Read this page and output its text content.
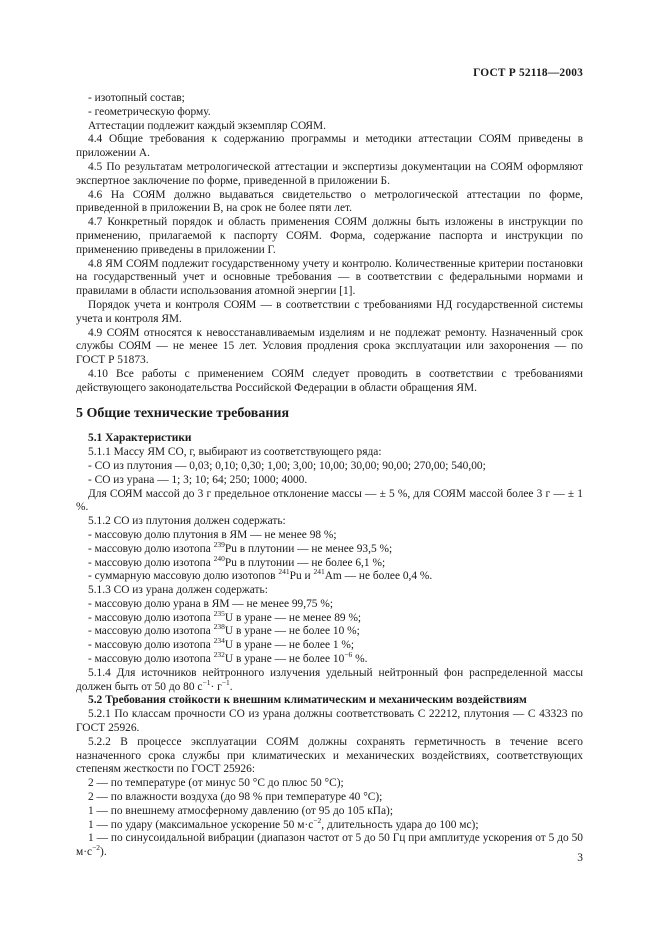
ГОСТ Р 52118—2003

- изотопный состав;

- геометрическую форму.

Аттестации подлежит каждый экземпляр СОЯМ.

4.4 Общие требования к содержанию программы и методики аттестации СОЯМ приведены в приложении А.

4.5 По результатам метрологической аттестации и экспертизы документации на СОЯМ оформляют экспертное заключение по форме, приведенной в приложении Б.

4.6 На СОЯМ должно выдаваться свидетельство о метрологической аттестации по форме, приведенной в приложении В, на срок не более пяти лет.

4.7 Конкретный порядок и область применения СОЯМ должны быть изложены в инструкции по применению, прилагаемой к паспорту СОЯМ. Форма, содержание паспорта и инструкции по применению приведены в приложении Г.

4.8 ЯМ СОЯМ подлежит государственному учету и контролю. Количественные критерии постановки на государственный учет и основные требования — в соответствии с федеральными нормами и правилами в области использования атомной энергии [1].

Порядок учета и контроля СОЯМ — в соответствии с требованиями НД государственной системы учета и контроля ЯМ.

4.9 СОЯМ относятся к невосстанавливаемым изделиям и не подлежат ремонту. Назначенный срок службы СОЯМ — не менее 15 лет. Условия продления срока эксплуатации или захоронения — по ГОСТ Р 51873.

4.10 Все работы с применением СОЯМ следует проводить в соответствии с требованиями действующего законодательства Российской Федерации в области обращения ЯМ.

5 Общие технические требования

5.1 Характеристики

5.1.1 Массу ЯМ СО, г, выбирают из соответствующего ряда:

- СО из плутония — 0,03; 0,10; 0,30; 1,00; 3,00; 10,00; 30,00; 90,00; 270,00; 540,00;

- СО из урана — 1; 3; 10; 64; 250; 1000; 4000.

Для СОЯМ массой до 3 г предельное отклонение массы — ± 5 %, для СОЯМ массой более 3 г — ± 1 %.

5.1.2 СО из плутония должен содержать:

- массовую долю плутония в ЯМ — не менее 98 %;

- массовую долю изотопа $^{239}$Pu в плутонии — не менее 93,5 %;

- массовую долю изотопа $^{240}$Pu в плутонии — не более 6,1 %;

- суммарную массовую долю изотопов $^{241}$Pu и $^{241}$Am — не более 0,4 %.

5.1.3 СО из урана должен содержать:

- массовую долю урана в ЯМ — не менее 99,75 %;

- массовую долю изотопа $^{235}$U в уране — не менее 89 %;

- массовую долю изотопа $^{238}$U в уране — не более 10 %;

- массовую долю изотопа $^{234}$U в уране — не более 1 %;

- массовую долю изотопа $^{232}$U в уране — не более $10^{-6}$ %.

5.1.4 Для источников нейтронного излучения удельный нейтронный фон распределенной массы должен быть от 50 до 80 $с^{-1}\cdot г^{-1}$.

5.2 Требования стойкости к внешним климатическим и механическим воздействиям

5.2.1 По классам прочности СО из урана должны соответствовать С 22212, плутония — С 43323 по ГОСТ 25926.

5.2.2 В процессе эксплуатации СОЯМ должны сохранять герметичность в течение всего назначенного срока службы при климатических и механических воздействиях, соответствующих степеням жесткости по ГОСТ 25926:

2 — по температуре (от минус 50 °С до плюс 50 °С);

2 — по влажности воздуха (до 98 % при температуре 40 °С);

1 — по внешнему атмосферному давлению (от 95 до 105 кПа);

1 — по удару (максимальное ускорение 50 $м\cdot с^{-2}$, длительность удара до 100 мс);

1 — по синусоидальной вибрации (диапазон частот от 5 до 50 Гц при амплитуде ускорения от 5 до 50 $м\cdot с^{-2}$).	3
